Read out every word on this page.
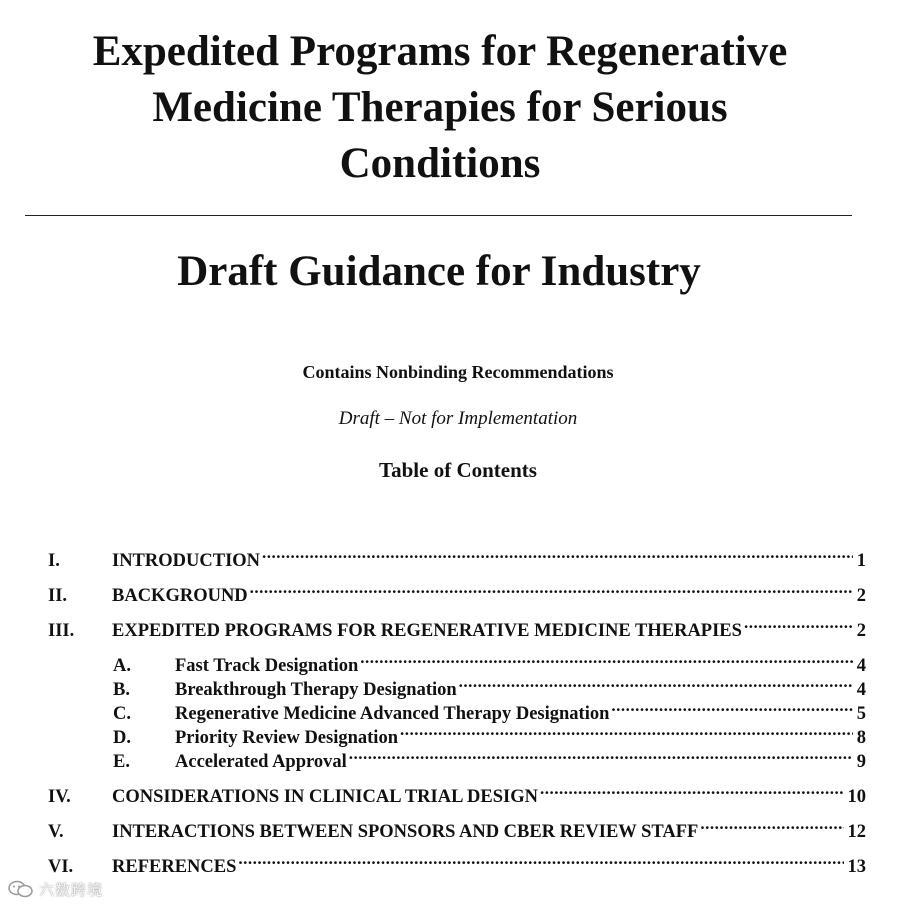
Expedited Programs for Regenerative
Medicine Therapies for Serious
Conditions
Draft Guidance for Industry
Contains Nonbinding Recommendations
Draft – Not for Implementation
Table of Contents
I.	INTRODUCTION .....	1
II.	BACKGROUND .....	2
III.	EXPEDITED PROGRAMS FOR REGENERATIVE MEDICINE THERAPIES .....	2
A.	Fast Track Designation .....	4
B.	Breakthrough Therapy Designation .....	4
C.	Regenerative Medicine Advanced Therapy Designation .....	5
D.	Priority Review Designation .....	8
E.	Accelerated Approval .....	9
IV.	CONSIDERATIONS IN CLINICAL TRIAL DESIGN .....	10
V.	INTERACTIONS BETWEEN SPONSORS AND CBER REVIEW STAFF .....	12
VI.	REFERENCES .....	13
六数跨境
